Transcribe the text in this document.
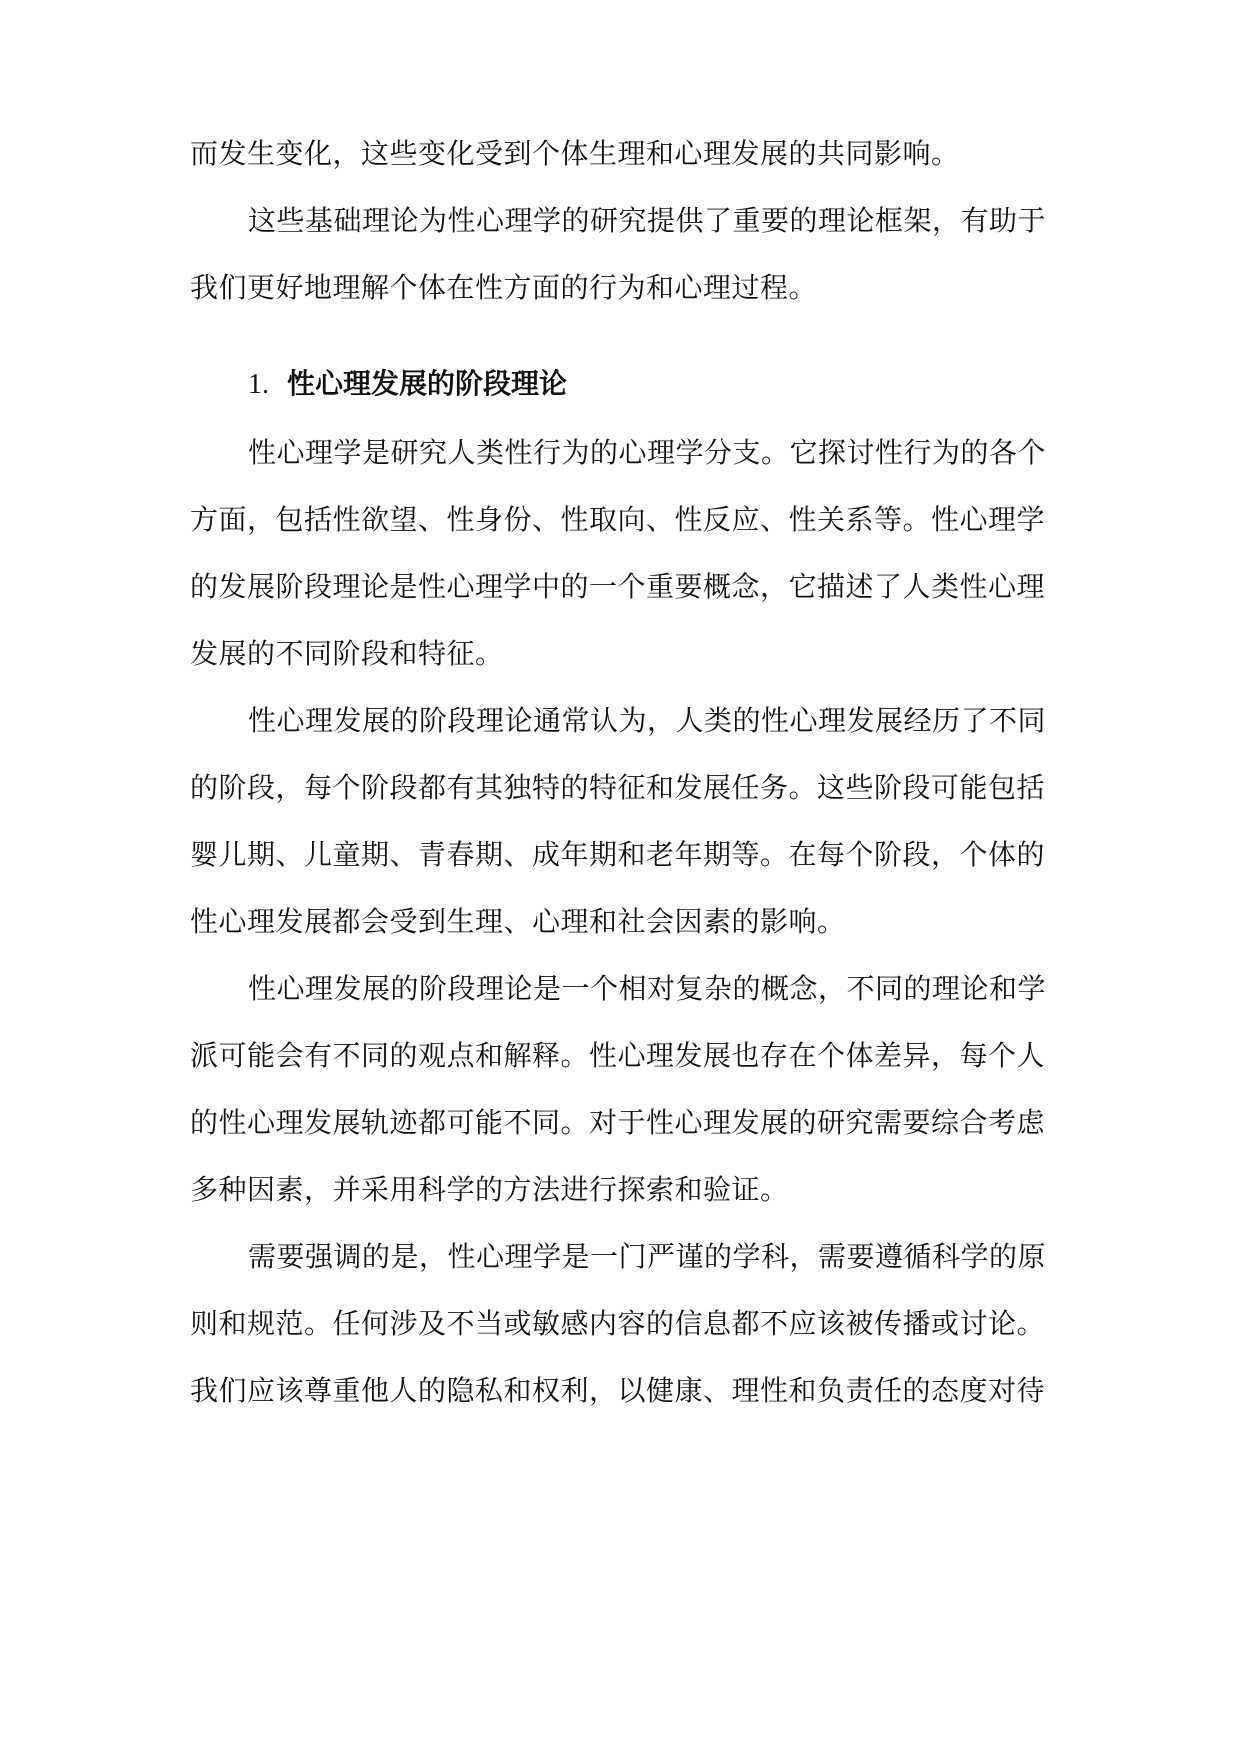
而发生变化，这些变化受到个体生理和心理发展的共同影响。
这些基础理论为性心理学的研究提供了重要的理论框架，有助于
我们更好地理解个体在性方面的行为和心理过程。
1. 性心理发展的阶段理论
性心理学是研究人类性行为的心理学分支。它探讨性行为的各个
方面，包括性欲望、性身份、性取向、性反应、性关系等。性心理学
的发展阶段理论是性心理学中的一个重要概念，它描述了人类性心理
发展的不同阶段和特征。
性心理发展的阶段理论通常认为，人类的性心理发展经历了不同
的阶段，每个阶段都有其独特的特征和发展任务。这些阶段可能包括
婴儿期、儿童期、青春期、成年期和老年期等。在每个阶段，个体的
性心理发展都会受到生理、心理和社会因素的影响。
性心理发展的阶段理论是一个相对复杂的概念，不同的理论和学
派可能会有不同的观点和解释。性心理发展也存在个体差异，每个人
的性心理发展轨迹都可能不同。对于性心理发展的研究需要综合考虑
多种因素，并采用科学的方法进行探索和验证。
需要强调的是，性心理学是一门严谨的学科，需要遵循科学的原
则和规范。任何涉及不当或敏感内容的信息都不应该被传播或讨论。
我们应该尊重他人的隐私和权利，以健康、理性和负责任的态度对待
